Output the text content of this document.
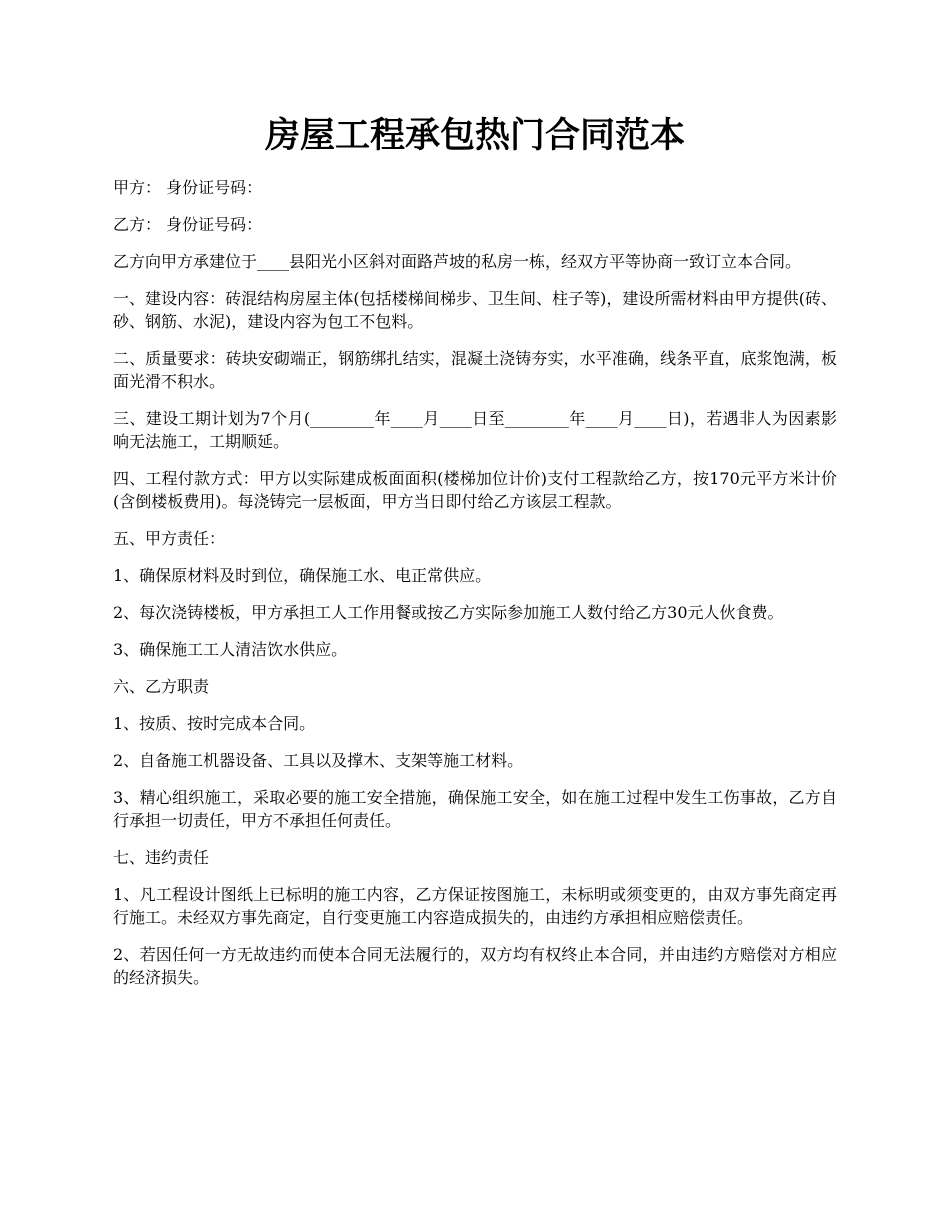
房屋工程承包热门合同范本

甲方： 身份证号码：

乙方： 身份证号码：

乙方向甲方承建位于____县阳光小区斜对面路芦坡的私房一栋，经双方平等协商一致订立本合同。

一、建设内容：砖混结构房屋主体(包括楼梯间梯步、卫生间、柱子等)，建设所需材料由甲方提供(砖、砂、钢筋、水泥)，建设内容为包工不包料。

二、质量要求：砖块安砌端正，钢筋绑扎结实，混凝土浇铸夯实，水平准确，线条平直，底浆饱满，板面光滑不积水。

三、建设工期计划为7个月(________年____月____日至________年____月____日)，若遇非人为因素影响无法施工，工期顺延。

四、工程付款方式：甲方以实际建成板面面积(楼梯加位计价)支付工程款给乙方，按170元平方米计价(含倒楼板费用)。每浇铸完一层板面，甲方当日即付给乙方该层工程款。

五、甲方责任：

1、确保原材料及时到位，确保施工水、电正常供应。

2、每次浇铸楼板，甲方承担工人工作用餐或按乙方实际参加施工人数付给乙方30元人伙食费。

3、确保施工工人清洁饮水供应。

六、乙方职责

1、按质、按时完成本合同。

2、自备施工机器设备、工具以及撑木、支架等施工材料。

3、精心组织施工，采取必要的施工安全措施，确保施工安全，如在施工过程中发生工伤事故，乙方自行承担一切责任，甲方不承担任何责任。

七、违约责任

1、凡工程设计图纸上已标明的施工内容，乙方保证按图施工，未标明或须变更的，由双方事先商定再行施工。未经双方事先商定，自行变更施工内容造成损失的，由违约方承担相应赔偿责任。

2、若因任何一方无故违约而使本合同无法履行的，双方均有权终止本合同，并由违约方赔偿对方相应的经济损失。
